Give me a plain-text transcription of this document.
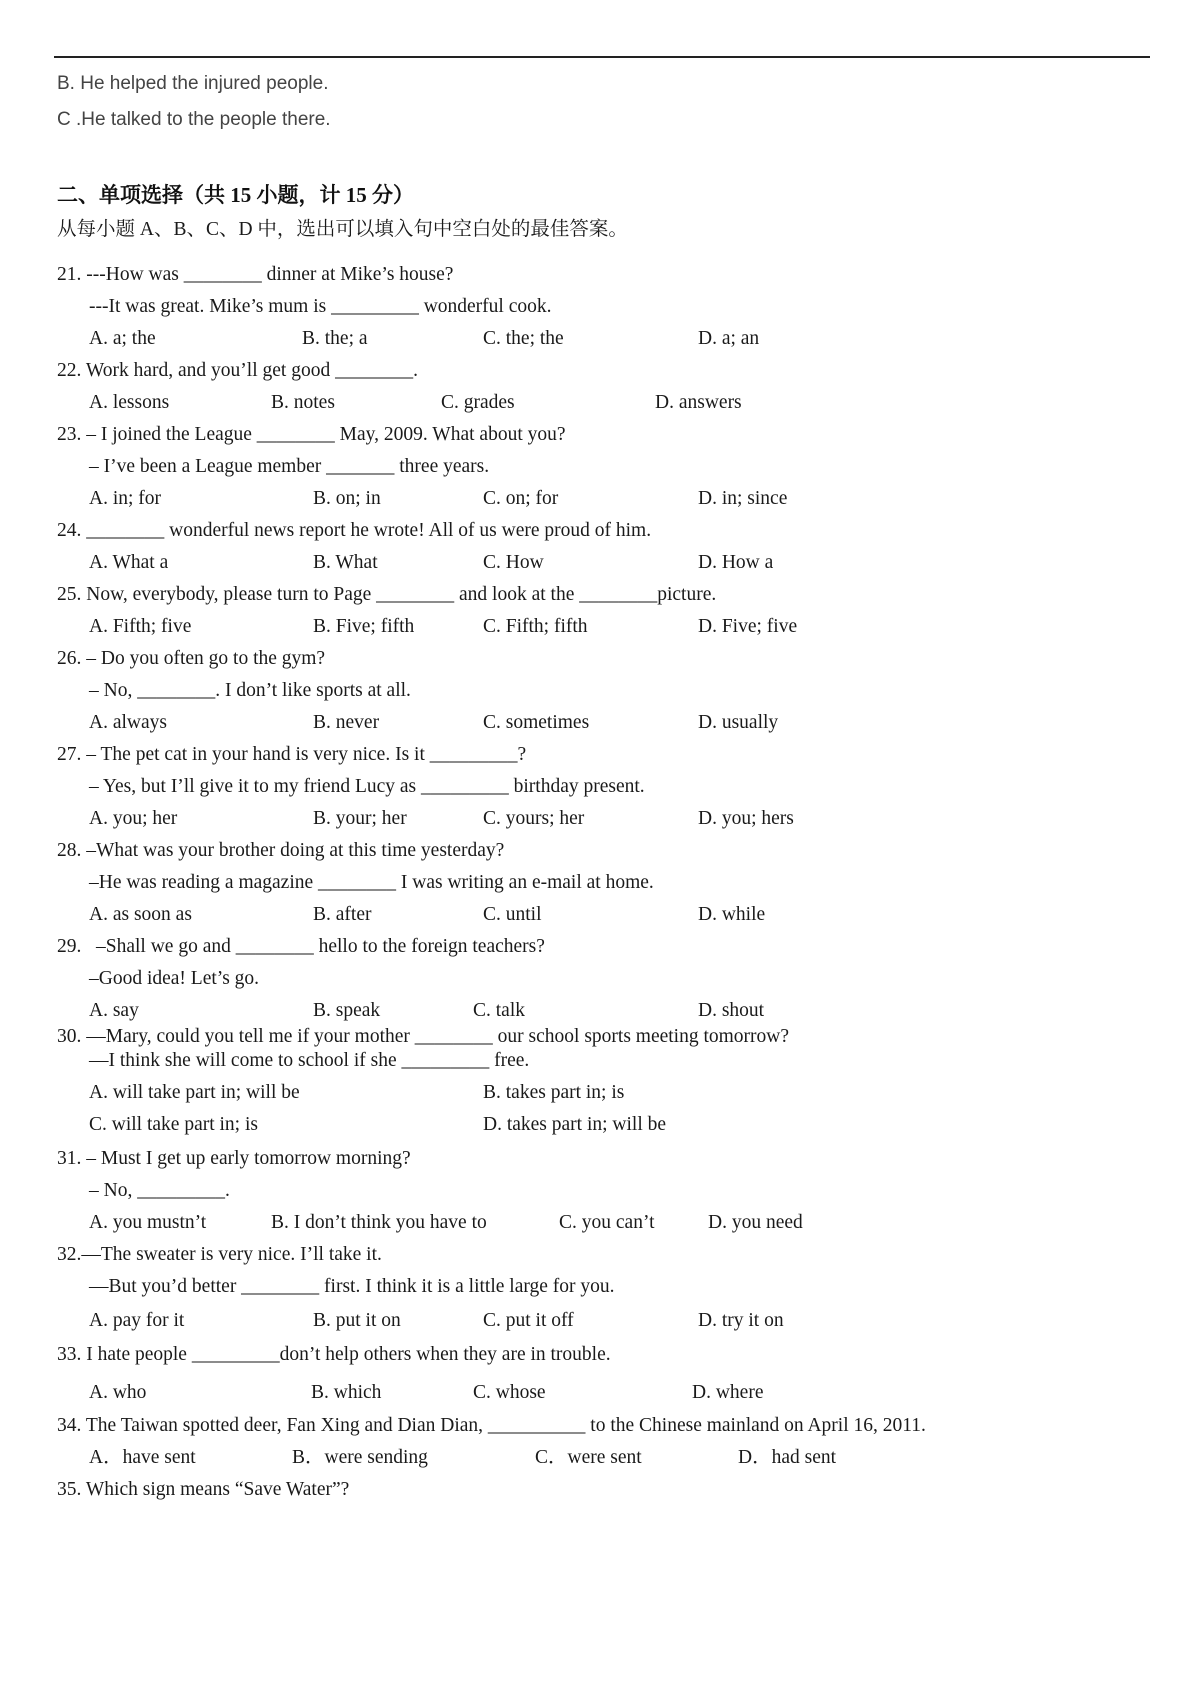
B. He helped the injured people.
C .He talked to the people there.
二、单项选择（共 15 小题，计 15 分）
从每小题 A、B、C、D 中，选出可以填入句中空白处的最佳答案。
21. ---How was ________ dinner at Mike’s house?
---It was great. Mike’s mum is _________ wonderful cook.
A. a; the	B. the; a	C. the; the	D. a; an
22. Work hard, and you’ll get good ________.
A. lessons	B. notes	C. grades	D. answers
23. – I joined the League ________ May, 2009. What about you?
– I’ve been a League member _______ three years.
A. in; for	B. on; in	C. on; for	D. in; since
24. ________ wonderful news report he wrote! All of us were proud of him.
A. What a	B. What	C. How	D. How a
25. Now, everybody, please turn to Page ________ and look at the ________picture.
A. Fifth; five	B. Five; fifth	C. Fifth; fifth	D. Five; five
26. – Do you often go to the gym?
– No, ________. I don’t like sports at all.
A. always	B. never	C. sometimes	D. usually
27. – The pet cat in your hand is very nice. Is it _________?
– Yes, but I’ll give it to my friend Lucy as _________ birthday present.
A. you; her	B. your; her	C. yours; her	D. you; hers
28. –What was your brother doing at this time yesterday?
–He was reading a magazine ________ I was writing an e-mail at home.
A. as soon as	B. after	C. until	D. while
29.   –Shall we go and ________ hello to the foreign teachers?
–Good idea! Let’s go.
A. say	B. speak	C. talk	D. shout
30. —Mary, could you tell me if your mother ________ our school sports meeting tomorrow?
—I think she will come to school if she _________ free.
A. will take part in; will be	B. takes part in; is
C. will take part in; is	D. takes part in; will be
31. – Must I get up early tomorrow morning?
– No, _________.
A. you mustn’t	B. I don’t think you have to	C. you can’t	D. you need
32.—The sweater is very nice. I’ll take it.
—But you’d better ________ first. I think it is a little large for you.
A. pay for it	B. put it on	C. put it off	D. try it on
33. I hate people _________don’t help others when they are in trouble.
A. who	B. which	C. whose	D. where
34. The Taiwan spotted deer, Fan Xing and Dian Dian, __________ to the Chinese mainland on April 16, 2011.
A．have sent	B．were sending	C．were sent	D．had sent
35. Which sign means “Save Water”?
